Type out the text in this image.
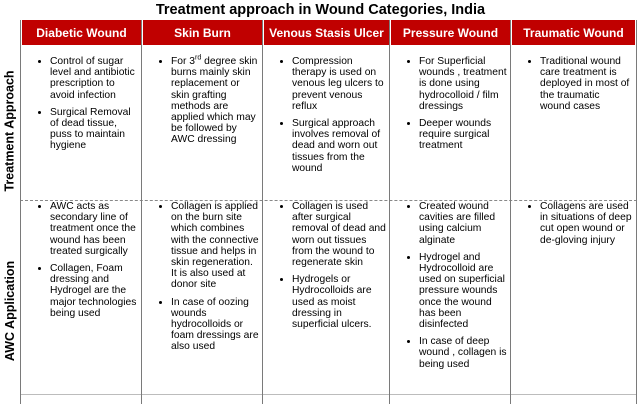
Treatment approach in Wound Categories, India
Treatment Approach
AWC Application
Diabetic Wound
• Control of sugar level and antibiotic prescription to avoid infection
• Surgical Removal of dead tissue, puss to maintain hygiene
• AWC acts as secondary line of treatment once the wound has been treated surgically
• Collagen, Foam dressing and Hydrogel are the major technologies being used
Skin Burn
• For 3rd degree skin burns mainly skin replacement or skin grafting methods are applied which may be followed by AWC dressing
• Collagen is applied on the burn site which combines with the connective tissue and helps in skin regeneration. It is also used at donor site
• In case of oozing wounds hydrocolloids or foam dressings are also used
Venous Stasis Ulcer
• Compression therapy is used on venous leg ulcers to prevent venous reflux
• Surgical approach involves removal of dead and worn out tissues from the wound
• Collagen is used after surgical removal of dead and worn out tissues from the wound to regenerate skin
• Hydrogels or Hydrocolloids are used as moist dressing in superficial ulcers.
Pressure Wound
• For Superficial wounds , treatment is done using hydrocolloid / film dressings
• Deeper wounds require surgical treatment
• Created wound cavities are filled using calcium alginate
• Hydrogel and Hydrocolloid are used on superficial pressure wounds once the wound has been disinfected
• In case of deep wound , collagen is being used
Traumatic Wound
• Traditional wound care treatment is deployed in most of the traumatic wound cases
• Collagens are used in situations of deep cut open wound or de-gloving injury
